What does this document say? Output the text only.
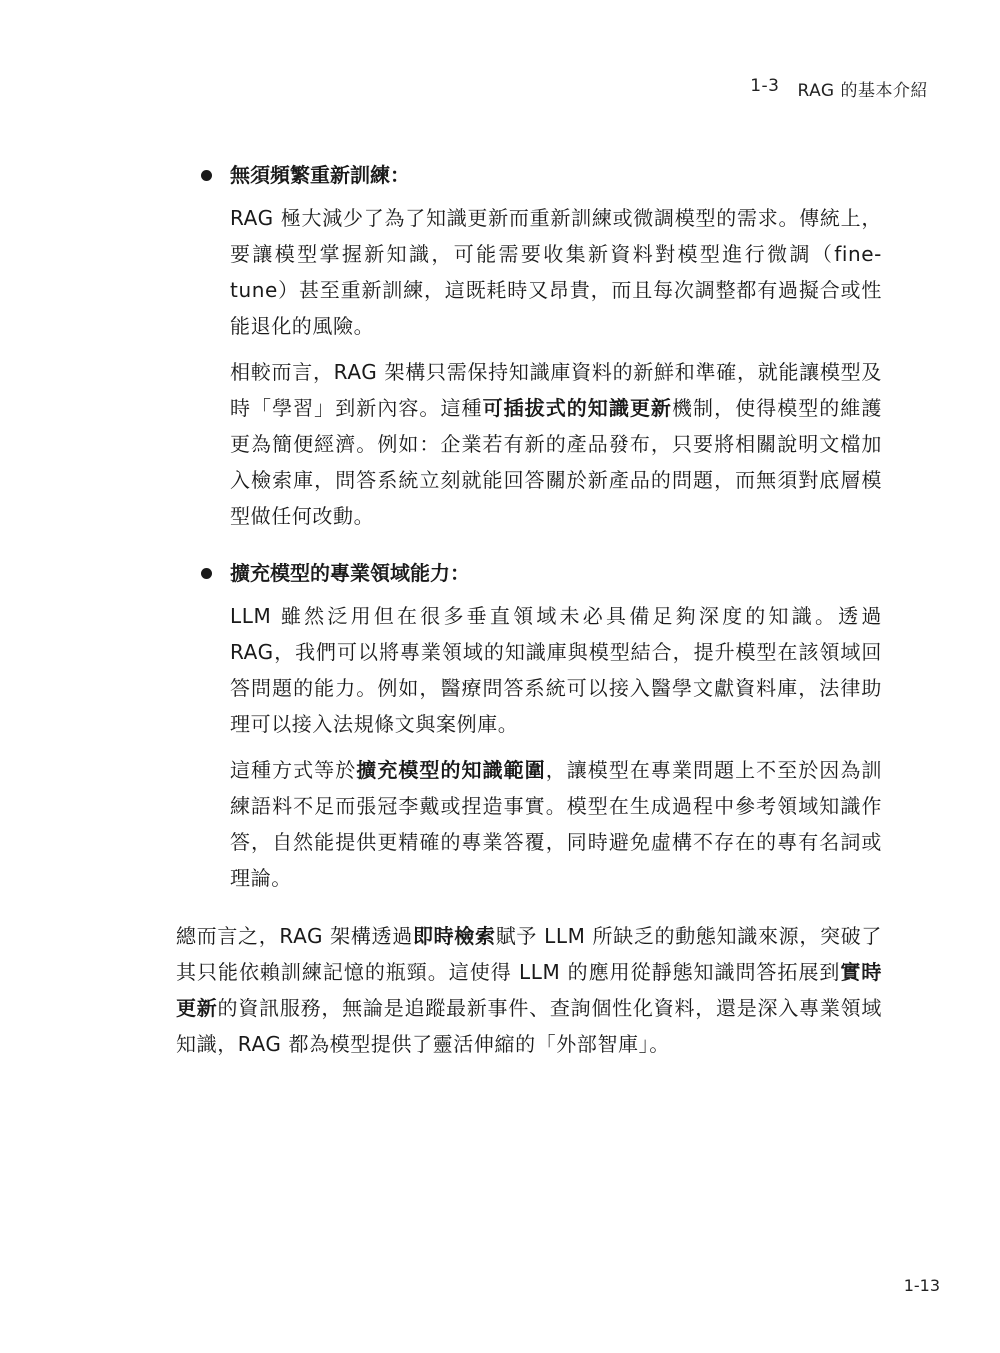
1-3 RAG 的基本介紹
無須頻繁重新訓練：

RAG 極大減少了為了知識更新而重新訓練或微調模型的需求。傳統上，要讓模型掌握新知識，可能需要收集新資料對模型進行微調（fine-tune）甚至重新訓練，這既耗時又昂貴，而且每次調整都有過擬合或性能退化的風險。

相較而言，RAG 架構只需保持知識庫資料的新鮮和準確，就能讓模型及時「學習」到新內容。這種可插拔式的知識更新機制，使得模型的維護更為簡便經濟。例如：企業若有新的產品發布，只要將相關說明文檔加入檢索庫，問答系統立刻就能回答關於新產品的問題，而無須對底層模型做任何改動。

擴充模型的專業領域能力：

LLM 雖然泛用但在很多垂直領域未必具備足夠深度的知識。透過 RAG，我們可以將專業領域的知識庫與模型結合，提升模型在該領域回答問題的能力。例如，醫療問答系統可以接入醫學文獻資料庫，法律助理可以接入法規條文與案例庫。

這種方式等於擴充模型的知識範圍，讓模型在專業問題上不至於因為訓練語料不足而張冠李戴或捏造事實。模型在生成過程中參考領域知識作答，自然能提供更精確的專業答覆，同時避免虛構不存在的專有名詞或理論。

總而言之，RAG 架構透過即時檢索賦予 LLM 所缺乏的動態知識來源，突破了其只能依賴訓練記憶的瓶頸。這使得 LLM 的應用從靜態知識問答拓展到實時更新的資訊服務，無論是追蹤最新事件、查詢個性化資料，還是深入專業領域知識，RAG 都為模型提供了靈活伸縮的「外部智庫」。

1-13
